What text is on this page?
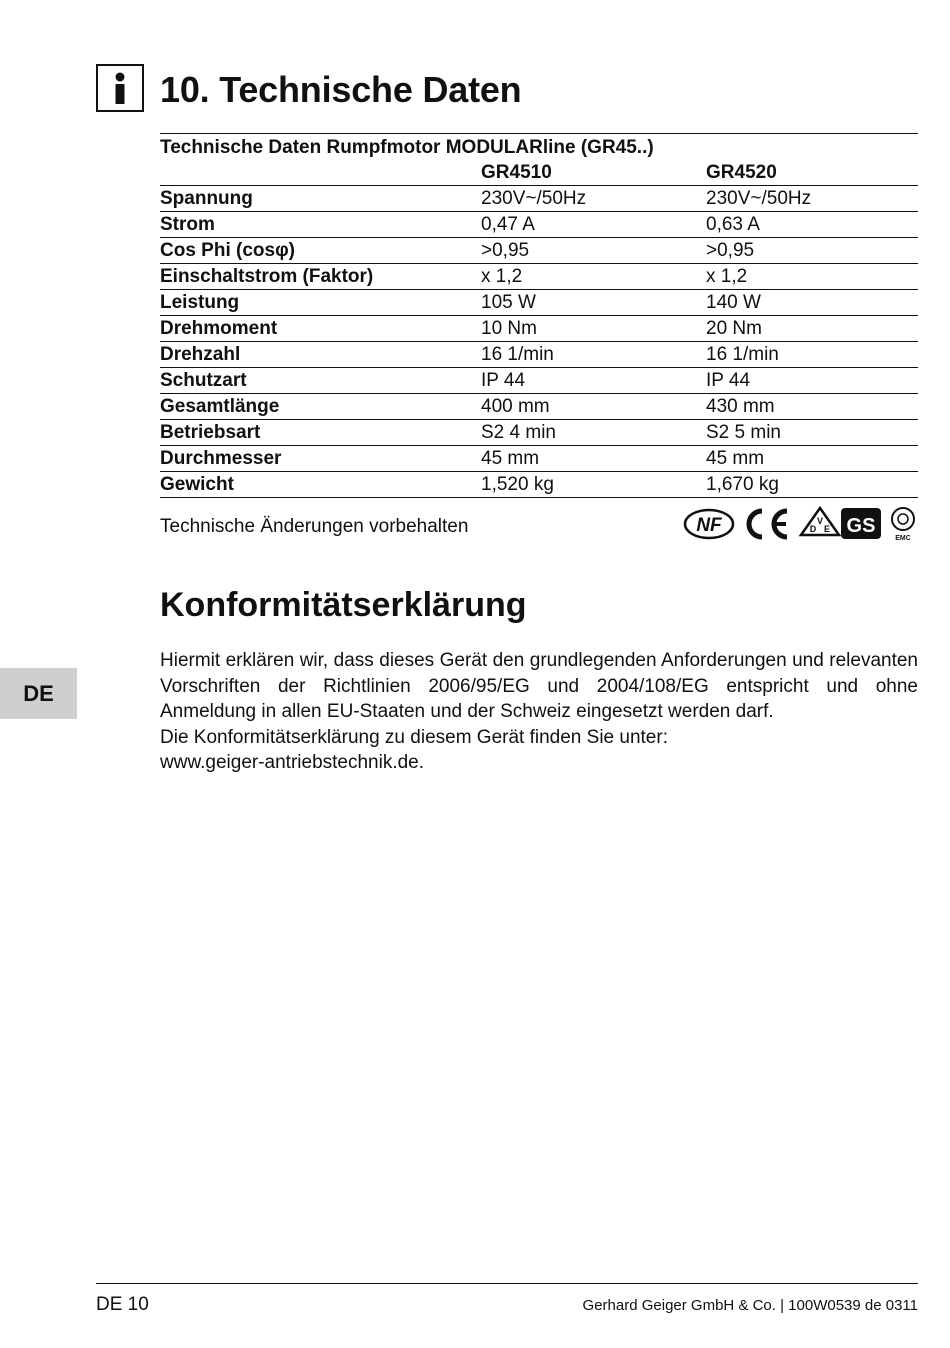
10. Technische Daten
Technische Daten Rumpfmotor MODULARline (GR45..)		
	GR4510	GR4520
Spannung	230V~/50Hz	230V~/50Hz
Strom	0,47 A	0,63 A
Cos Phi (cosφ)	>0,95	>0,95
Einschaltstrom (Faktor)	x 1,2	x 1,2
Leistung	105 W	140 W
Drehmoment	10 Nm	20 Nm
Drehzahl	16 1/min	16 1/min
Schutzart	IP 44	IP 44
Gesamtlänge	400 mm	430 mm
Betriebsart	S2 4 min	S2 5 min
Durchmesser	45 mm	45 mm
Gewicht	1,520 kg	1,670 kg
Technische Änderungen vorbehalten	NF	V
D E GS
EMC
Konformitätserklärung

Hiermit erklären wir, dass dieses Gerät den grundlegenden Anforderungen und relevanten Vorschriften der Richtlinien 2006/95/EG und 2004/108/EG entspricht und ohne Anmeldung in allen EU-Staaten und der Schweiz eingesetzt werden darf.

Die Konformitätserklärung zu diesem Gerät finden Sie unter:

www.geiger-antriebstechnik.de.

DE
DE 10	Gerhard Geiger GmbH & Co. | 100W0539 de 0311
